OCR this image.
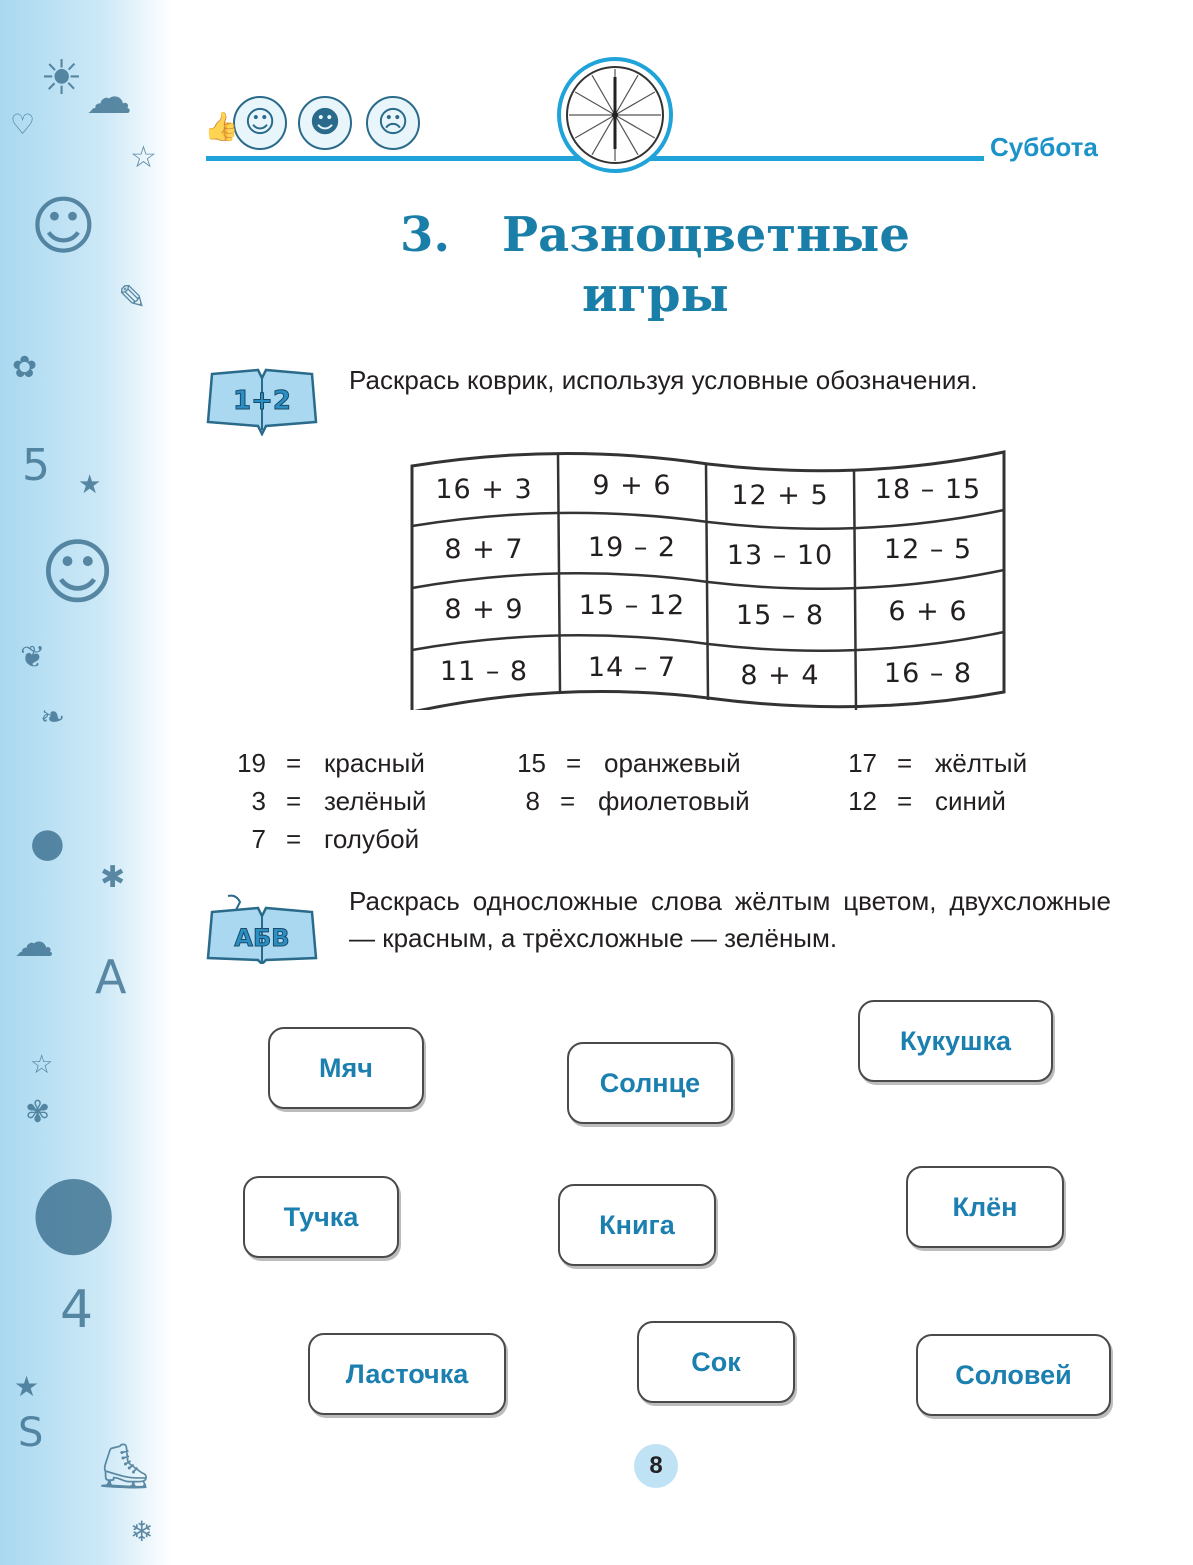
☀ ☁
♡
☆
☺
✎
✿
5 ★
☺
❦
❧
●
✱
☁
A
☆
✾
●
4
★
S
⛸
❄
☺	☻	☹
👍
Суббота
3. Разноцветные
игры
1+2
Раскрась коврик, используя условные обозначения.
16 + 3	9 + 6	12 + 5	18 – 15
8 + 7	19 – 2	13 – 10	12 – 5
8 + 9	15 – 12	15 – 8	6 + 6
11 – 8	14 – 7	8 + 4	16 – 8
19 = красный	15 = оранжевый	17 = жёлтый
3 = зелёный	8 = фиолетовый	12 = синий
7 = голубой
АБВ
Раскрась односложные слова жёлтым цветом, двухсложные — красным, а трёхсложные — зелёным.
Мяч	Солнце
Кукушка
Тучка	Книга
Клён
Ласточка	Сок	Соловей
8
